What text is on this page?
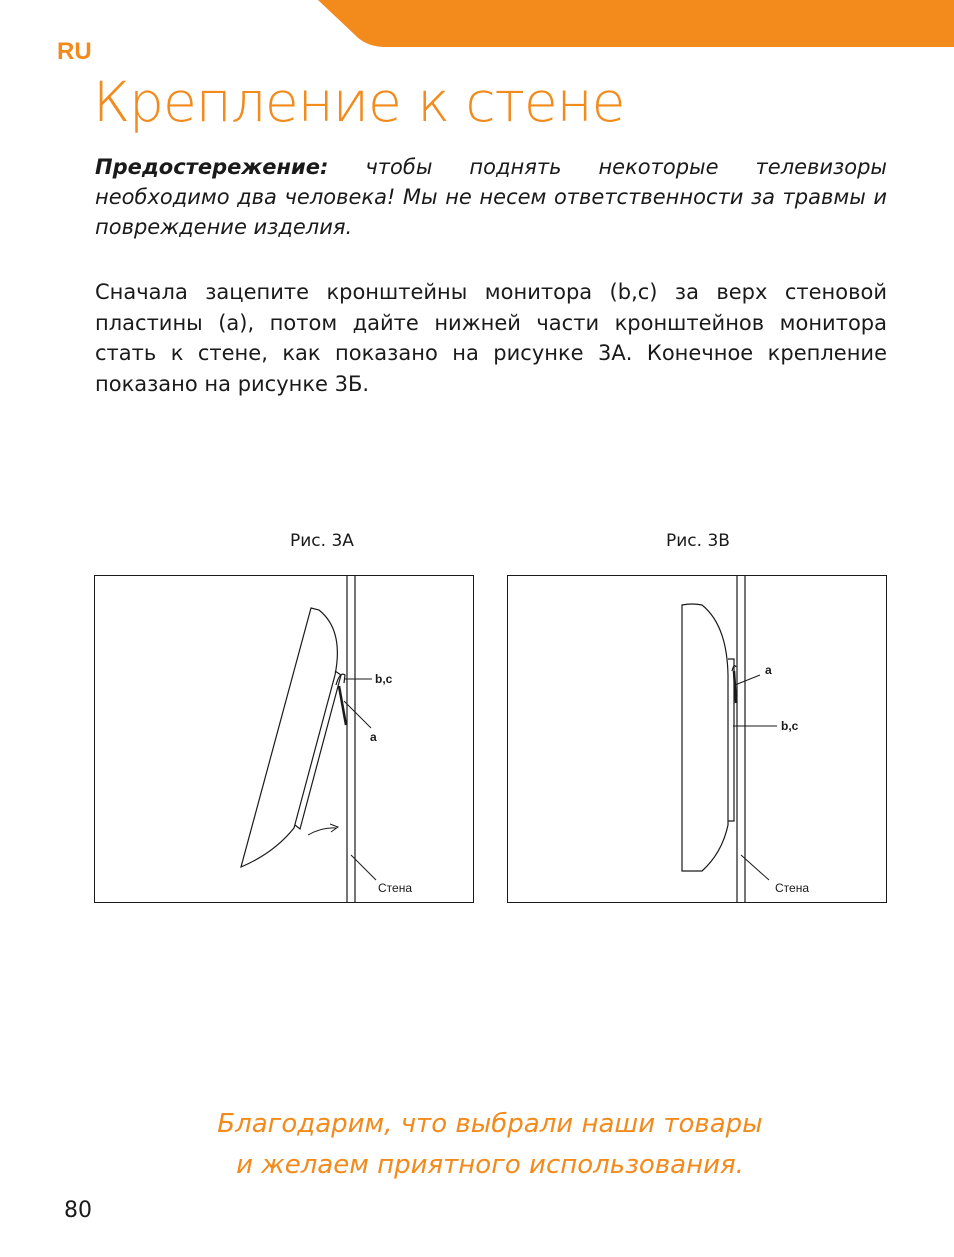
RU
Крепление к стене
Предостережение: чтобы поднять некоторые телевизоры необходимо два человека! Мы не несем ответственности за травмы и повреждение изделия.
Сначала зацепите кронштейны монитора (b,c) за верх стеновой пластины (a), потом дайте нижней части кронштейнов монитора стать к стене, как показано на рисунке 3А. Конечное крепление показано на рисунке 3Б.
Рис. 3А
b,c
a
Стена
Рис. 3В
a
b,c
Стена
Благодарим, что выбрали наши товары
и желаем приятного использования.
80
